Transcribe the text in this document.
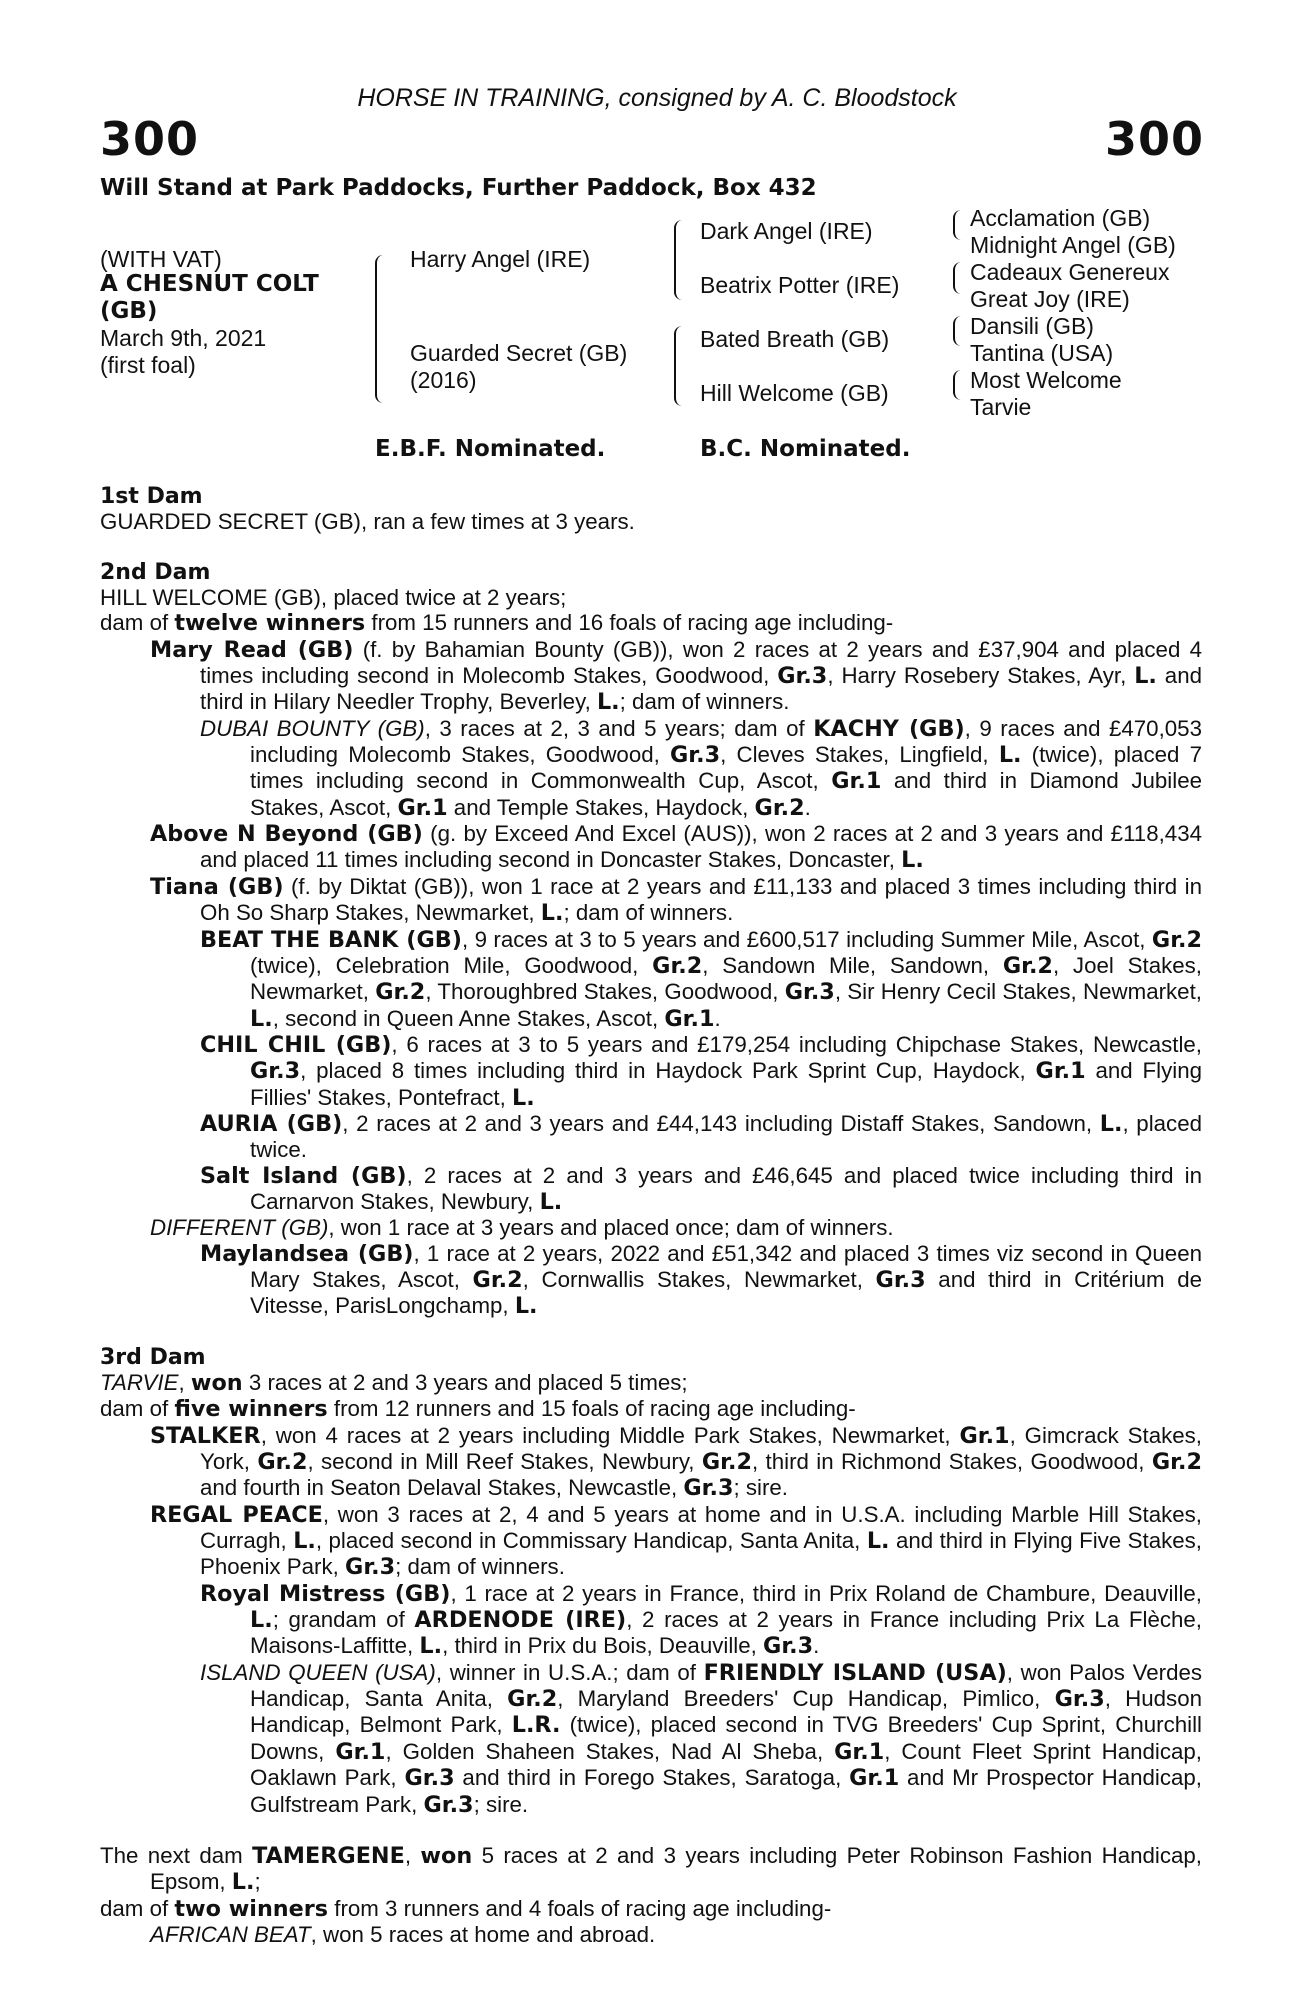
HORSE IN TRAINING, consigned by A. C. Bloodstock
300	300
Will Stand at Park Paddocks, Further Paddock, Box 432
(WITH VAT)
A CHESNUT COLT
(GB)
March 9th, 2021
(first foal)
Harry Angel (IRE)
Guarded Secret (GB)
(2016)
Dark Angel (IRE)
Beatrix Potter (IRE)
Bated Breath (GB)
Hill Welcome (GB)
Acclamation (GB)
Midnight Angel (GB)
Cadeaux Genereux
Great Joy (IRE)
Dansili (GB)
Tantina (USA)
Most Welcome
Tarvie
E.B.F. Nominated.	B.C. Nominated.

1st Dam

GUARDED SECRET (GB), ran a few times at 3 years.

2nd Dam

HILL WELCOME (GB), placed twice at 2 years;

dam of twelve winners from 15 runners and 16 foals of racing age including-

Mary Read (GB) (f. by Bahamian Bounty (GB)), won 2 races at 2 years and £37,904 and placed 4 times including second in Molecomb Stakes, Goodwood, Gr.3, Harry Rosebery Stakes, Ayr, L. and third in Hilary Needler Trophy, Beverley, L.; dam of winners.

DUBAI BOUNTY (GB), 3 races at 2, 3 and 5 years; dam of KACHY (GB), 9 races and £470,053 including Molecomb Stakes, Goodwood, Gr.3, Cleves Stakes, Lingfield, L. (twice), placed 7 times including second in Commonwealth Cup, Ascot, Gr.1 and third in Diamond Jubilee Stakes, Ascot, Gr.1 and Temple Stakes, Haydock, Gr.2.

Above N Beyond (GB) (g. by Exceed And Excel (AUS)), won 2 races at 2 and 3 years and £118,434 and placed 11 times including second in Doncaster Stakes, Doncaster, L.

Tiana (GB) (f. by Diktat (GB)), won 1 race at 2 years and £11,133 and placed 3 times including third in Oh So Sharp Stakes, Newmarket, L.; dam of winners.

BEAT THE BANK (GB), 9 races at 3 to 5 years and £600,517 including Summer Mile, Ascot, Gr.2 (twice), Celebration Mile, Goodwood, Gr.2, Sandown Mile, Sandown, Gr.2, Joel Stakes, Newmarket, Gr.2, Thoroughbred Stakes, Goodwood, Gr.3, Sir Henry Cecil Stakes, Newmarket, L., second in Queen Anne Stakes, Ascot, Gr.1.

CHIL CHIL (GB), 6 races at 3 to 5 years and £179,254 including Chipchase Stakes, Newcastle, Gr.3, placed 8 times including third in Haydock Park Sprint Cup, Haydock, Gr.1 and Flying Fillies' Stakes, Pontefract, L.

AURIA (GB), 2 races at 2 and 3 years and £44,143 including Distaff Stakes, Sandown, L., placed twice.

Salt Island (GB), 2 races at 2 and 3 years and £46,645 and placed twice including third in Carnarvon Stakes, Newbury, L.

DIFFERENT (GB), won 1 race at 3 years and placed once; dam of winners.

Maylandsea (GB), 1 race at 2 years, 2022 and £51,342 and placed 3 times viz second in Queen Mary Stakes, Ascot, Gr.2, Cornwallis Stakes, Newmarket, Gr.3 and third in Critérium de Vitesse, ParisLongchamp, L.

3rd Dam

TARVIE, won 3 races at 2 and 3 years and placed 5 times;

dam of five winners from 12 runners and 15 foals of racing age including-

STALKER, won 4 races at 2 years including Middle Park Stakes, Newmarket, Gr.1, Gimcrack Stakes, York, Gr.2, second in Mill Reef Stakes, Newbury, Gr.2, third in Richmond Stakes, Goodwood, Gr.2 and fourth in Seaton Delaval Stakes, Newcastle, Gr.3; sire.

REGAL PEACE, won 3 races at 2, 4 and 5 years at home and in U.S.A. including Marble Hill Stakes, Curragh, L., placed second in Commissary Handicap, Santa Anita, L. and third in Flying Five Stakes, Phoenix Park, Gr.3; dam of winners.

Royal Mistress (GB), 1 race at 2 years in France, third in Prix Roland de Chambure, Deauville, L.; grandam of ARDENODE (IRE), 2 races at 2 years in France including Prix La Flèche, Maisons-Laffitte, L., third in Prix du Bois, Deauville, Gr.3.

ISLAND QUEEN (USA), winner in U.S.A.; dam of FRIENDLY ISLAND (USA), won Palos Verdes Handicap, Santa Anita, Gr.2, Maryland Breeders' Cup Handicap, Pimlico, Gr.3, Hudson Handicap, Belmont Park, L.R. (twice), placed second in TVG Breeders' Cup Sprint, Churchill Downs, Gr.1, Golden Shaheen Stakes, Nad Al Sheba, Gr.1, Count Fleet Sprint Handicap, Oaklawn Park, Gr.3 and third in Forego Stakes, Saratoga, Gr.1 and Mr Prospector Handicap, Gulfstream Park, Gr.3; sire.

The next dam TAMERGENE, won 5 races at 2 and 3 years including Peter Robinson Fashion Handicap, Epsom, L.;

dam of two winners from 3 runners and 4 foals of racing age including-

AFRICAN BEAT, won 5 races at home and abroad.
